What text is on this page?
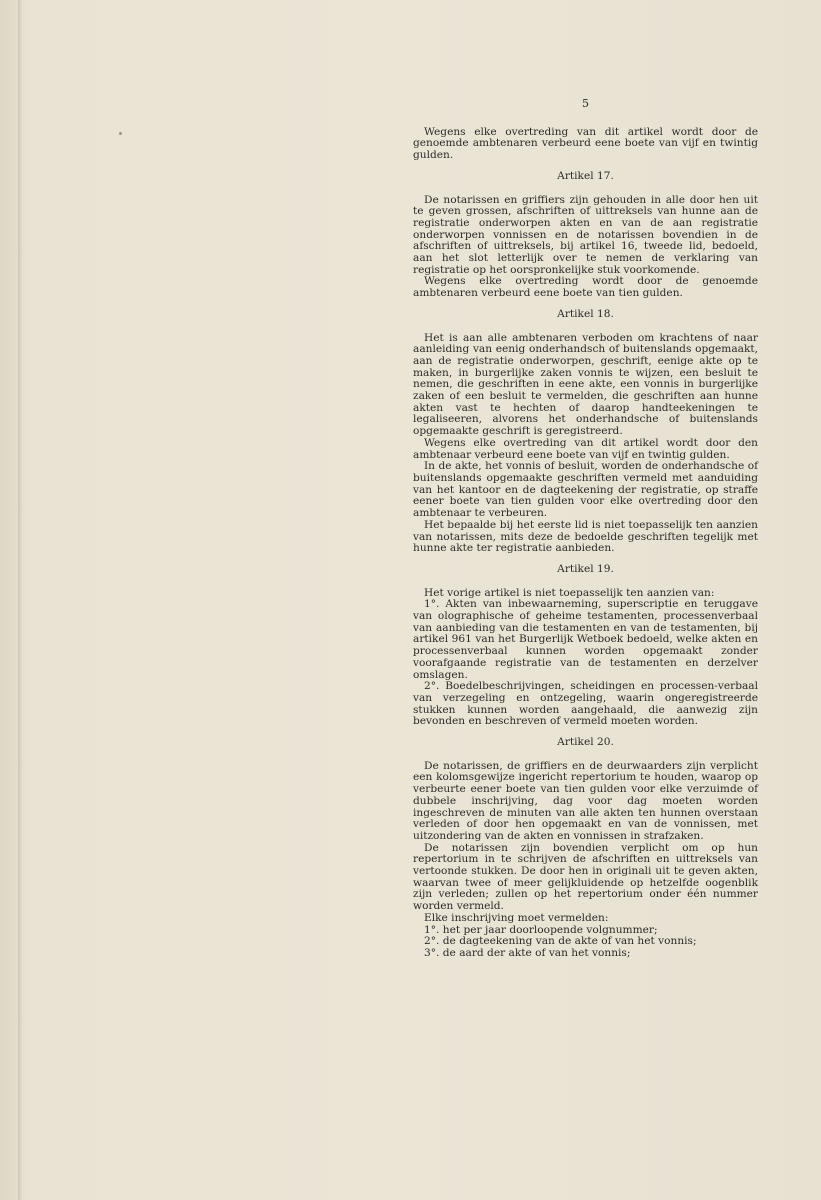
5
Wegens elke overtreding van dit artikel wordt door de genoemde ambtenaren verbeurd eene boete van vijf en twintig gulden.
Artikel 17.
De notarissen en griffiers zijn gehouden in alle door hen uit te geven grossen, afschriften of uittreksels van hunne aan de registratie onderworpen akten en van de aan registratie onderworpen vonnissen en de notarissen bovendien in de afschriften of uittreksels, bij artikel 16, tweede lid, bedoeld, aan het slot letterlijk over te nemen de verklaring van registratie op het oorspronkelijke stuk voorkomende.
Wegens elke overtreding wordt door de genoemde ambtenaren verbeurd eene boete van tien gulden.
Artikel 18.
Het is aan alle ambtenaren verboden om krachtens of naar aanleiding van eenig onderhandsch of buitenslands opgemaakt, aan de registratie onderworpen, geschrift, eenige akte op te maken, in burgerlijke zaken vonnis te wijzen, een besluit te nemen, die geschriften in eene akte, een vonnis in burgerlijke zaken of een besluit te vermelden, die geschriften aan hunne akten vast te hechten of daarop handteekeningen te legaliseeren, alvorens het onderhandsche of buitenslands opgemaakte geschrift is geregistreerd.
Wegens elke overtreding van dit artikel wordt door den ambtenaar verbeurd eene boete van vijf en twintig gulden.
In de akte, het vonnis of besluit, worden de onderhandsche of buitenslands opgemaakte geschriften vermeld met aanduiding van het kantoor en de dagteekening der registratie, op straffe eener boete van tien gulden voor elke overtreding door den ambtenaar te verbeuren.
Het bepaalde bij het eerste lid is niet toepasselijk ten aanzien van notarissen, mits deze de bedoelde geschriften tegelijk met hunne akte ter registratie aanbieden.
Artikel 19.
Het vorige artikel is niet toepasselijk ten aanzien van:
1°. Akten van inbewaarneming, superscriptie en teruggave van olographische of geheime testamenten, processenverbaal van aanbieding van die testamenten en van de testamenten, bij artikel 961 van het Burgerlijk Wetboek bedoeld, welke akten en processenverbaal kunnen worden opgemaakt zonder voorafgaande registratie van de testamenten en derzelver omslagen.
2°. Boedelbeschrijvingen, scheidingen en processen-verbaal van verzegeling en ontzegeling, waarin ongeregistreerde stukken kunnen worden aangehaald, die aanwezig zijn bevonden en beschreven of vermeld moeten worden.
Artikel 20.
De notarissen, de griffiers en de deurwaarders zijn verplicht een kolomsgewijze ingericht repertorium te houden, waarop op verbeurte eener boete van tien gulden voor elke verzuimde of dubbele inschrijving, dag voor dag moeten worden ingeschreven de minuten van alle akten ten hunnen overstaan verleden of door hen opgemaakt en van de vonnissen, met uitzondering van de akten en vonnissen in strafzaken.
De notarissen zijn bovendien verplicht om op hun repertorium in te schrijven de afschriften en uittreksels van vertoonde stukken. De door hen in originali uit te geven akten, waarvan twee of meer gelijkluidende op hetzelfde oogenblik zijn verleden; zullen op het repertorium onder één nummer worden vermeld.
Elke inschrijving moet vermelden:
1°. het per jaar doorloopende volgnummer;
2°. de dagteekening van de akte of van het vonnis;
3°. de aard der akte of van het vonnis;
